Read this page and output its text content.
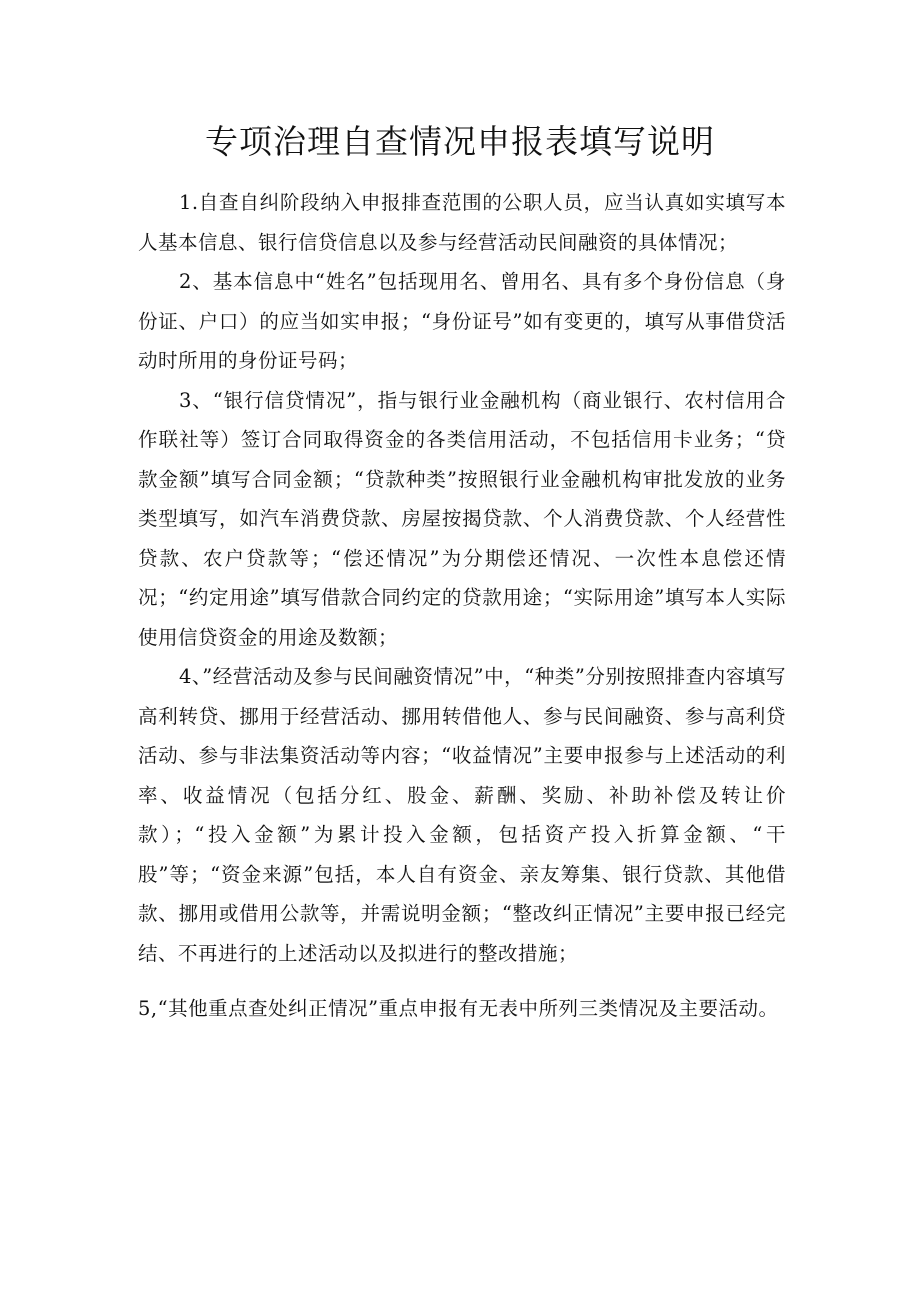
专项治理自查情况申报表填写说明

1.自查自纠阶段纳入申报排查范围的公职人员，应当认真如实填写本人基本信息、银行信贷信息以及参与经营活动民间融资的具体情况；

2、基本信息中“姓名”包括现用名、曾用名、具有多个身份信息（身份证、户口）的应当如实申报；“身份证号”如有变更的，填写从事借贷活动时所用的身份证号码；

3、“银行信贷情况”，指与银行业金融机构（商业银行、农村信用合作联社等）签订合同取得资金的各类信用活动，不包括信用卡业务；“贷款金额”填写合同金额；“贷款种类”按照银行业金融机构审批发放的业务类型填写，如汽车消费贷款、房屋按揭贷款、个人消费贷款、个人经营性贷款、农户贷款等；“偿还情况”为分期偿还情况、一次性本息偿还情况；“约定用途”填写借款合同约定的贷款用途；“实际用途”填写本人实际使用信贷资金的用途及数额；

4、”经营活动及参与民间融资情况”中，“种类”分别按照排查内容填写高利转贷、挪用于经营活动、挪用转借他人、参与民间融资、参与高利贷活动、参与非法集资活动等内容；“收益情况”主要申报参与上述活动的利率、收益情况（包括分红、股金、薪酬、奖励、补助补偿及转让价款）；“投入金额”为累计投入金额，包括资产投入折算金额、“干股”等；“资金来源”包括，本人自有资金、亲友筹集、银行贷款、其他借款、挪用或借用公款等，并需说明金额；“整改纠正情况”主要申报已经完结、不再进行的上述活动以及拟进行的整改措施；

5,“其他重点查处纠正情况”重点申报有无表中所列三类情况及主要活动。
